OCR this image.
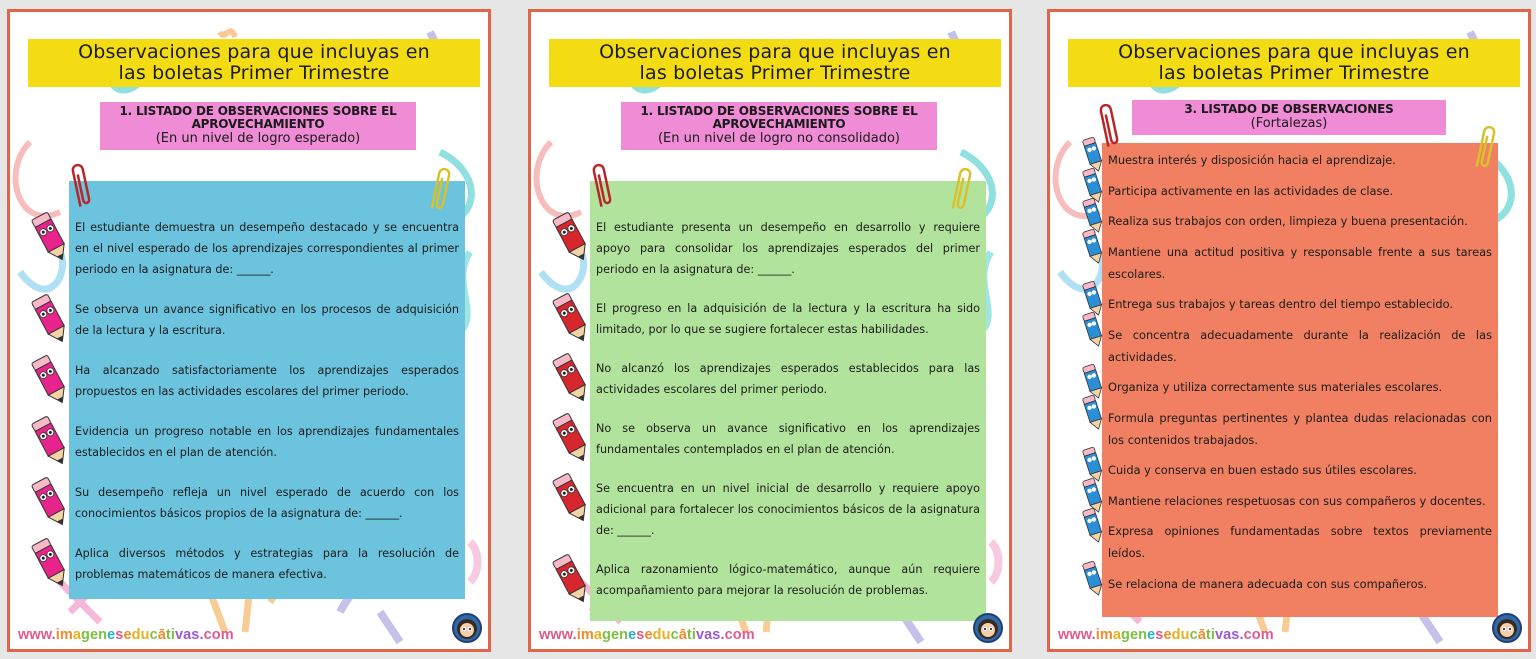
Observaciones para que incluyas en
las boletas Primer Trimestre
1. LISTADO DE OBSERVACIONES SOBRE EL
APROVECHAMIENTO
(En un nivel de logro esperado)
El estudiante demuestra un desempeño destacado y se encuentra en el nivel esperado de los aprendizajes correspondientes al primer periodo en la asignatura de: ______.
Se observa un avance significativo en los procesos de adquisición de la lectura y la escritura.
Ha alcanzado satisfactoriamente los aprendizajes esperados propuestos en las actividades escolares del primer periodo.
Evidencia un progreso notable en los aprendizajes fundamentales establecidos en el plan de atención.
Su desempeño refleja un nivel esperado de acuerdo con los conocimientos básicos propios de la asignatura de: ______.
Aplica diversos métodos y estrategias para la resolución de problemas matemáticos de manera efectiva.
www.imageneseducātivas.com
Observaciones para que incluyas en
las boletas Primer Trimestre
1. LISTADO DE OBSERVACIONES SOBRE EL
APROVECHAMIENTO
(En un nivel de logro no consolidado)
El estudiante presenta un desempeño en desarrollo y requiere apoyo para consolidar los aprendizajes esperados del primer periodo en la asignatura de: ______.
El progreso en la adquisición de la lectura y la escritura ha sido limitado, por lo que se sugiere fortalecer estas habilidades.
No alcanzó los aprendizajes esperados establecidos para las actividades escolares del primer periodo.
No se observa un avance significativo en los aprendizajes fundamentales contemplados en el plan de atención.
Se encuentra en un nivel inicial de desarrollo y requiere apoyo adicional para fortalecer los conocimientos básicos de la asignatura de: ______.
Aplica razonamiento lógico-matemático, aunque aún requiere acompañamiento para mejorar la resolución de problemas.
www.imageneseducātivas.com
Observaciones para que incluyas en
las boletas Primer Trimestre
3. LISTADO DE OBSERVACIONES
(Fortalezas)
Muestra interés y disposición hacia el aprendizaje.
Participa activamente en las actividades de clase.
Realiza sus trabajos con orden, limpieza y buena presentación.
Mantiene una actitud positiva y responsable frente a sus tareas escolares.
Entrega sus trabajos y tareas dentro del tiempo establecido.
Se concentra adecuadamente durante la realización de las actividades.
Organiza y utiliza correctamente sus materiales escolares.
Formula preguntas pertinentes y plantea dudas relacionadas con los contenidos trabajados.
Cuida y conserva en buen estado sus útiles escolares.
Mantiene relaciones respetuosas con sus compañeros y docentes.
Expresa opiniones fundamentadas sobre textos previamente leídos.
Se relaciona de manera adecuada con sus compañeros.
www.imageneseducātivas.com
